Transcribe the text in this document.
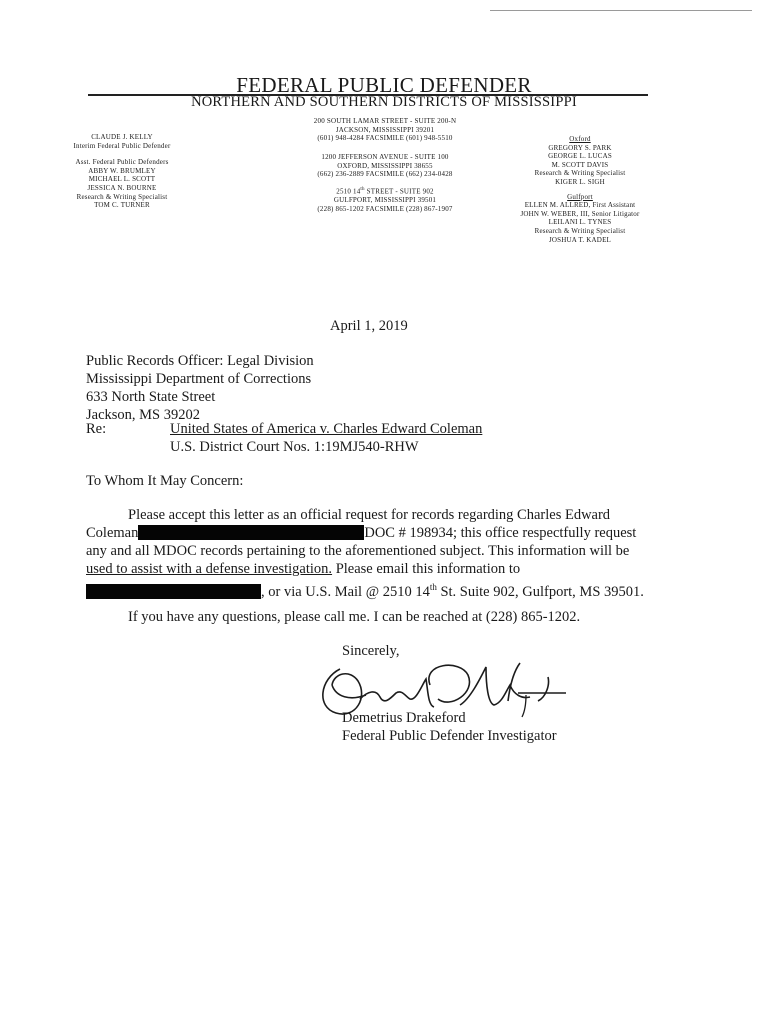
FEDERAL PUBLIC DEFENDER
NORTHERN AND SOUTHERN DISTRICTS OF MISSISSIPPI
200 SOUTH LAMAR STREET - SUITE 200-N
JACKSON, MISSISSIPPI 39201
(601) 948-4284 FACSIMILE (601) 948-5510
1200 JEFFERSON AVENUE - SUITE 100
OXFORD, MISSISSIPPI 38655
(662) 236-2889 FACSIMILE (662) 234-0428
2510 14th STREET - SUITE 902
GULFPORT, MISSISSIPPI 39501
(228) 865-1202 FACSIMILE (228) 867-1907
CLAUDE J. KELLY
Interim Federal Public Defender
Asst. Federal Public Defenders
ABBY W. BRUMLEY
MICHAEL L. SCOTT
JESSICA N. BOURNE
Research & Writing Specialist
TOM C. TURNER
Oxford
GREGORY S. PARK
GEORGE L. LUCAS
M. SCOTT DAVIS
Research & Writing Specialist
KIGER L. SIGH
Gulfport
ELLEN M. ALLRED, First Assistant
JOHN W. WEBER, III, Senior Litigator
LEILANI L. TYNES
Research & Writing Specialist
JOSHUA T. KADEL
April 1, 2019
Public Records Officer: Legal Division
Mississippi Department of Corrections
633 North State Street
Jackson, MS 39202
Re:	United States of America v. Charles Edward Coleman
U.S. District Court Nos. 1:19MJ540-RHW
To Whom It May Concern:
Please accept this letter as an official request for records regarding Charles Edward
Coleman	DOC # 198934; this office respectfully request
any and all MDOC records pertaining to the aforementioned subject. This information will be
used to assist with a defense investigation. Please email this information to
, or via U.S. Mail @ 2510 14th St. Suite 902, Gulfport, MS 39501.
If you have any questions, please call me. I can be reached at (228) 865-1202.
Sincerely,
Demetrius Drakeford
Federal Public Defender Investigator
